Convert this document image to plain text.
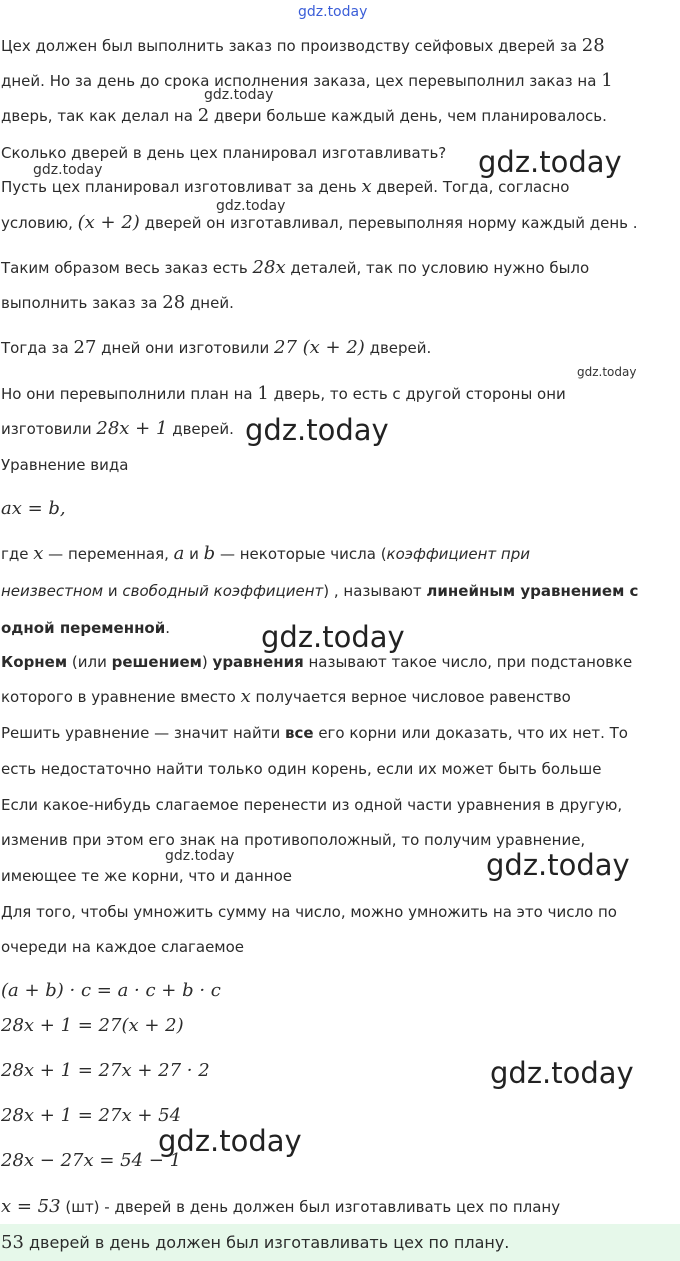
gdz.today
gdz.today
gdz.today
gdz.today
gdz.today
gdz.today
gdz.today
gdz.today
gdz.today	gdz.today
gdz.today
gdz.today
Цех должен был выполнить заказ по производству сейфовых дверей за 28
дней. Но за день до срока исполнения заказа, цех перевыполнил заказ на 1
дверь, так как делал на 2 двери больше каждый день, чем планировалось.
Сколько дверей в день цех планировал изготавливать?
Пусть цех планировал изготовливат за день x дверей. Тогда, согласно
условию, (x + 2) дверей он изготавливал, перевыполняя норму каждый день .
Таким образом весь заказ есть 28x деталей, так по условию нужно было
выполнить заказ за 28 дней.
Тогда за 27 дней они изготовили 27 (x + 2) дверей.
Но они перевыполнили план на 1 дверь, то есть с другой стороны они
изготовили 28x + 1 дверей.
Уравнение вида
ax = b,
где x — переменная, a и b — некоторые числа (коэффициент при
неизвестном и свободный коэффициент) , называют линейным уравнением с
одной переменной.
Корнем (или решением) уравнения называют такое число, при подстановке
которого в уравнение вместо x получается верное числовое равенство
Решить уравнение — значит найти все его корни или доказать, что их нет. То
есть недостаточно найти только один корень, если их может быть больше
Если какое-нибудь слагаемое перенести из одной части уравнения в другую,
изменив при этом его знак на противоположный, то получим уравнение,
имеющее те же корни, что и данное
Для того, чтобы умножить сумму на число, можно умножить на это число по
очереди на каждое слагаемое
(a + b) · c = a · c + b · c
28x + 1 = 27(x + 2)
28x + 1 = 27x + 27 · 2
28x + 1 = 27x + 54
28x − 27x = 54 − 1
x = 53 (шт) - дверей в день должен был изготавливать цех по плану
53 дверей в день должен был изготавливать цех по плану.
